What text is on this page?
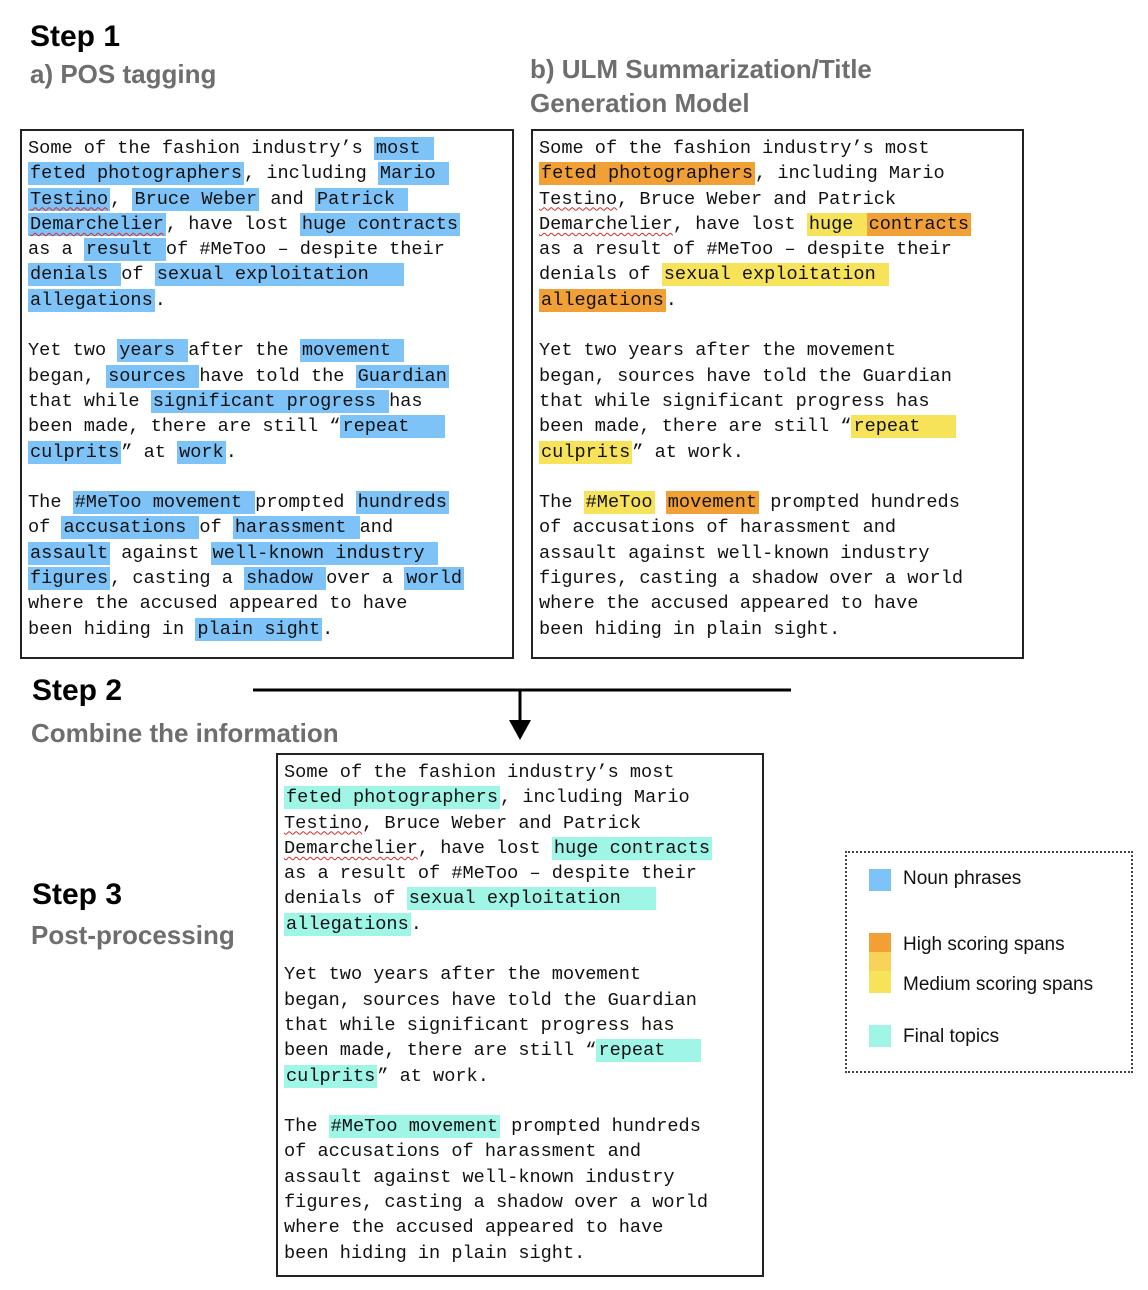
Step 1
a) POS tagging	b) ULM Summarization/Title
Generation Model
Some of the fashion industry’s most
feted photographers , including Mario
Testino , Bruce Weber and Patrick
Demarchelier , have lost huge contracts
as a result of #MeToo – despite their
denials of sexual exploitation
allegations .
Yet two years after the movement
began, sources have told the Guardian
that while significant progress has
been made, there are still “ repeat
culprits ” at work .
The #MeToo movement prompted hundreds
of accusations of harassment and
assault against well-known industry
figures , casting a shadow over a world
where the accused appeared to have
been hiding in plain sight .
Some of the fashion industry’s most
feted photographers , including Mario
Testino, Bruce Weber and Patrick
Demarchelier, have lost huge contracts
as a result of #MeToo – despite their
denials of sexual exploitation
allegations .
Yet two years after the movement
began, sources have told the Guardian
that while significant progress has
been made, there are still “ repeat
culprits ” at work.
The #MeToo movement prompted hundreds
of accusations of harassment and
assault against well-known industry
figures, casting a shadow over a world
where the accused appeared to have
been hiding in plain sight.
Step 2
Combine the information
Step 3
Post-processing
Some of the fashion industry’s most
feted photographers , including Mario
Testino, Bruce Weber and Patrick
Demarchelier, have lost huge contracts
as a result of #MeToo – despite their
denials of sexual exploitation
allegations .
Yet two years after the movement
began, sources have told the Guardian
that while significant progress has
been made, there are still “ repeat
culprits ” at work.
The #MeToo movement prompted hundreds
of accusations of harassment and
assault against well-known industry
figures, casting a shadow over a world
where the accused appeared to have
been hiding in plain sight.
Noun phrases
High scoring spans
Medium scoring spans
Final topics
